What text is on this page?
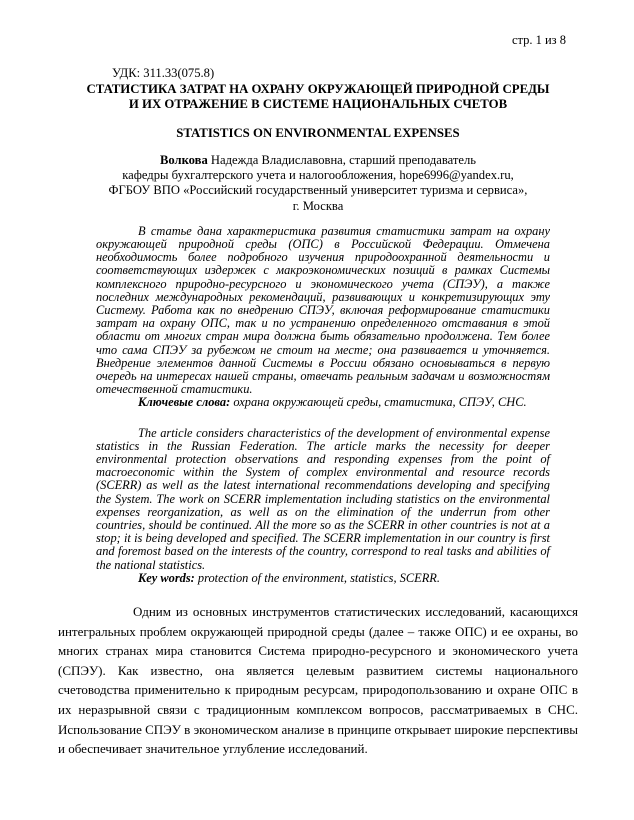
стр. 1 из 8
УДК: 311.33(075.8)
СТАТИСТИКА ЗАТРАТ НА ОХРАНУ ОКРУЖАЮЩЕЙ ПРИРОДНОЙ СРЕДЫ
И ИХ ОТРАЖЕНИЕ В СИСТЕМЕ НАЦИОНАЛЬНЫХ СЧЕТОВ
STATISTICS ON ENVIRONMENTAL EXPENSES
Волкова Надежда Владиславовна, старший преподаватель
кафедры бухгалтерского учета и налогообложения, hope6996@yandex.ru,
ФГБОУ ВПО «Российский государственный университет туризма и сервиса»,
г. Москва

В статье дана характеристика развития статистики затрат на охрану окружающей природной среды (ОПС) в Российской Федерации. Отмечена необходимость более подробного изучения природоохранной деятельности и соответствующих издержек с макроэкономических позиций в рамках Системы комплексного природно-ресурсного и экономического учета (СПЭУ), а также последних международных рекомендаций, развивающих и конкретизирующих эту Систему. Работа как по внедрению СПЭУ, включая реформирование статистики затрат на охрану ОПС, так и по устранению определенного отставания в этой области от многих стран мира должна быть обязательно продолжена. Тем более что сама СПЭУ за рубежом не стоит на месте; она развивается и уточняется. Внедрение элементов данной Системы в России обязано основываться в первую очередь на интересах нашей страны, отвечать реальным задачам и возможностям отечественной статистики.

Ключевые слова: охрана окружающей среды, статистика, СПЭУ, СНС.

The article considers characteristics of the development of environmental expense statistics in the Russian Federation. The article marks the necessity for deeper environmental protection observations and responding expenses from the point of macroeconomic within the System of complex environmental and resource records (SCERR) as well as the latest international recommendations developing and specifying the System. The work on SCERR implementation including statistics on the environmental expenses reorganization, as well as on the elimination of the underrun from other countries, should be continued. All the more so as the SCERR in other countries is not at a stop; it is being developed and specified. The SCERR implementation in our country is first and foremost based on the interests of the country, correspond to real tasks and abilities of the national statistics.

Key words: protection of the environment, statistics, SCERR.

Одним из основных инструментов статистических исследований, касающихся интегральных проблем окружающей природной среды (далее – также ОПС) и ее охраны, во многих странах мира становится Система природно-ресурсного и экономического учета (СПЭУ). Как известно, она является целевым развитием системы национального счетоводства применительно к природным ресурсам, природопользованию и охране ОПС в их неразрывной связи с традиционным комплексом вопросов, рассматриваемых в СНС. Использование СПЭУ в экономическом анализе в принципе открывает широкие перспективы и обеспечивает значительное углубление исследований.
